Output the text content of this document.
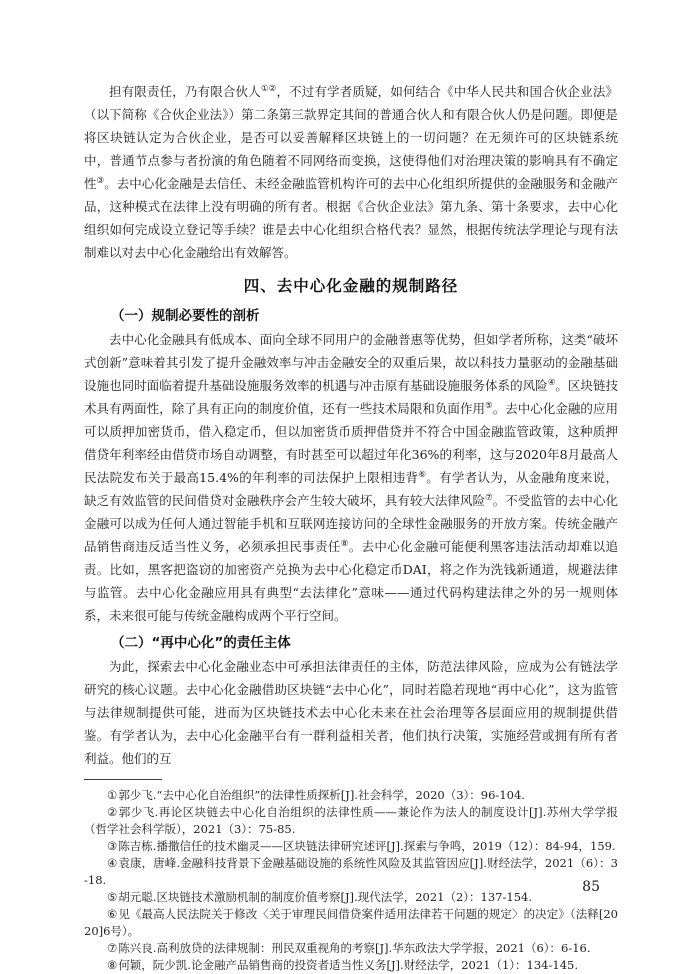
担有限责任，乃有限合伙人①②，不过有学者质疑，如何结合《中华人民共和国合伙企业法》（以下简称《合伙企业法》）第二条第三款界定其间的普通合伙人和有限合伙人仍是问题。即便是将区块链认定为合伙企业，是否可以妥善解释区块链上的一切问题？在无须许可的区块链系统中，普通节点参与者扮演的角色随着不同网络而变换，这使得他们对治理决策的影响具有不确定性③。去中心化金融是去信任、未经金融监管机构许可的去中心化组织所提供的金融服务和金融产品，这种模式在法律上没有明确的所有者。根据《合伙企业法》第九条、第十条要求，去中心化组织如何完成设立登记等手续？谁是去中心化组织合格代表？显然，根据传统法学理论与现有法制难以对去中心化金融给出有效解答。

四、去中心化金融的规制路径
（一）规制必要性的剖析

去中心化金融具有低成本、面向全球不同用户的金融普惠等优势，但如学者所称，这类“破坏式创新”意味着其引发了提升金融效率与冲击金融安全的双重后果，故以科技力量驱动的金融基础设施也同时面临着提升基础设施服务效率的机遇与冲击原有基础设施服务体系的风险④。区块链技术具有两面性，除了具有正向的制度价值，还有一些技术局限和负面作用⑤。去中心化金融的应用可以质押加密货币，借入稳定币，但以加密货币质押借贷并不符合中国金融监管政策，这种质押借贷年利率经由借贷市场自动调整，有时甚至可以超过年化36%的利率，这与2020年8月最高人民法院发布关于最高15.4%的年利率的司法保护上限相违背⑥。有学者认为，从金融角度来说，缺乏有效监管的民间借贷对金融秩序会产生较大破坏，具有较大法律风险⑦。不受监管的去中心化金融可以成为任何人通过智能手机和互联网连接访问的全球性金融服务的开放方案。传统金融产品销售商违反适当性义务，必须承担民事责任⑧。去中心化金融可能便利黑客违法活动却难以追责。比如，黑客把盗窃的加密资产兑换为去中心化稳定币DAI，将之作为洗钱新通道，规避法律与监管。去中心化金融应用具有典型“去法律化”意味——通过代码构建法律之外的另一规则体系，未来很可能与传统金融构成两个平行空间。

（二）“再中心化”的责任主体

为此，探索去中心化金融业态中可承担法律责任的主体，防范法律风险，应成为公有链法学研究的核心议题。去中心化金融借助区块链“去中心化”，同时若隐若现地“再中心化”，这为监管与法律规制提供可能，进而为区块链技术去中心化未来在社会治理等各层面应用的规制提供借鉴。有学者认为，去中心化金融平台有一群利益相关者，他们执行决策，实施经营或拥有所有者利益。他们的互

①郭少飞.“去中心化自治组织”的法律性质探析[J].社会科学，2020（3）：96-104.

②郭少飞.再论区块链去中心化自治组织的法律性质——兼论作为法人的制度设计[J].苏州大学学报（哲学社会科学版），2021（3）：75-85.

③陈吉栋.播撒信任的技术幽灵——区块链法律研究述评[J].探索与争鸣，2019（12）：84-94，159.

④袁康，唐峰.金融科技背景下金融基础设施的系统性风险及其监管因应[J].财经法学，2021（6）：3-18.

⑤胡元聪.区块链技术激励机制的制度价值考察[J].现代法学，2021（2）：137-154.

⑥见《最高人民法院关于修改〈关于审理民间借贷案件适用法律若干问题的规定〉的决定》（法释[2020]6号）。

⑦陈兴良.高利放贷的法律规制：刑民双重视角的考察[J].华东政法大学学报，2021（6）：6-16.

⑧何颖，阮少凯.论金融产品销售商的投资者适当性义务[J].财经法学，2021（1）：134-145.

85
